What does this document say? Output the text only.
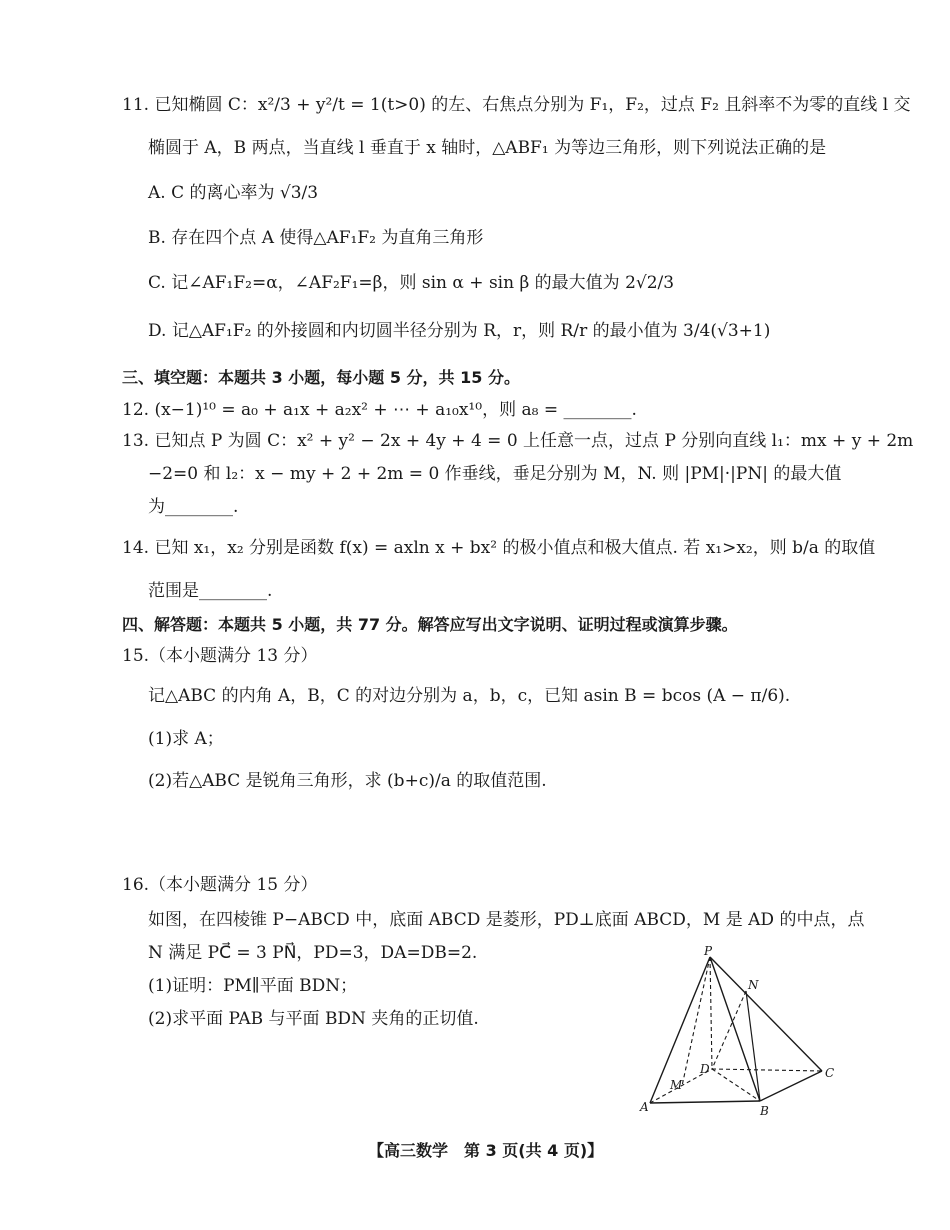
11. 已知椭圆 C：x²/3 + y²/t = 1(t>0) 的左、右焦点分别为 F₁，F₂，过点 F₂ 且斜率不为零的直线 l 交
椭圆于 A，B 两点，当直线 l 垂直于 x 轴时，△ABF₁ 为等边三角形，则下列说法正确的是
A. C 的离心率为 √3/3
B. 存在四个点 A 使得△AF₁F₂ 为直角三角形
C. 记∠AF₁F₂=α，∠AF₂F₁=β，则 sin α + sin β 的最大值为 2√2/3
D. 记△AF₁F₂ 的外接圆和内切圆半径分别为 R，r，则 R/r 的最小值为 3/4(√3+1)
三、填空题：本题共 3 小题，每小题 5 分，共 15 分。
12. (x−1)¹⁰ = a₀ + a₁x + a₂x² + ⋯ + a₁₀x¹⁰，则 a₈ = ________.
13. 已知点 P 为圆 C：x² + y² − 2x + 4y + 4 = 0 上任意一点，过点 P 分别向直线 l₁：mx + y + 2m
−2=0 和 l₂：x − my + 2 + 2m = 0 作垂线，垂足分别为 M，N. 则 |PM|·|PN| 的最大值
为________.
14. 已知 x₁，x₂ 分别是函数 f(x) = axln x + bx² 的极小值点和极大值点. 若 x₁>x₂，则 b/a 的取值
范围是________.
四、解答题：本题共 5 小题，共 77 分。解答应写出文字说明、证明过程或演算步骤。
15.（本小题满分 13 分）
记△ABC 的内角 A，B，C 的对边分别为 a，b，c，已知 asin B = bcos (A − π/6).
(1)求 A；
(2)若△ABC 是锐角三角形，求 (b+c)/a 的取值范围.
16.（本小题满分 15 分）
如图，在四棱锥 P−ABCD 中，底面 ABCD 是菱形，PD⊥底面 ABCD，M 是 AD 的中点，点
N 满足 PC⃗ = 3 PN⃗，PD=3，DA=DB=2.
(1)证明：PM∥平面 BDN；
(2)求平面 PAB 与平面 BDN 夹角的正切值.
P
N
D	C
M
A	B
【高三数学　第 3 页(共 4 页)】
